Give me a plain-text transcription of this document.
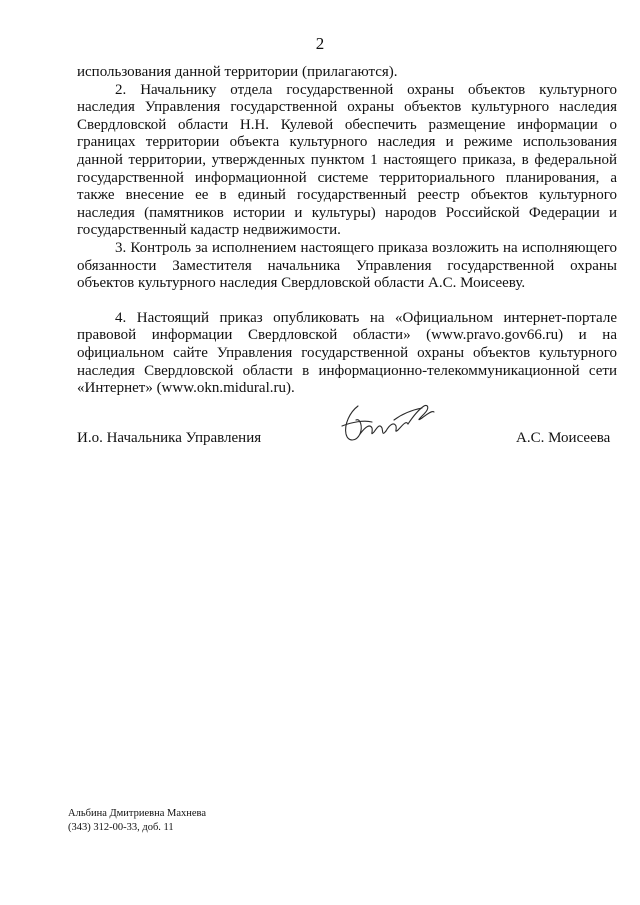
2

использования данной территории (прилагаются).

2. Начальнику отдела государственной охраны объектов культурного наследия Управления государственной охраны объектов культурного наследия Свердловской области Н.Н. Кулевой обеспечить размещение информации о границах территории объекта культурного наследия и режиме использования данной территории, утвержденных пунктом 1 настоящего приказа, в федеральной государственной информационной системе территориального планирования, а также внесение ее в единый государственный реестр объектов культурного наследия (памятников истории и культуры) народов Российской Федерации и государственный кадастр недвижимости.

3. Контроль за исполнением настоящего приказа возложить на исполняющего обязанности Заместителя начальника Управления государственной охраны объектов культурного наследия Свердловской области А.С. Моисееву.

4. Настоящий приказ опубликовать на «Официальном интернет-портале правовой информации Свердловской области» (www.pravo.gov66.ru) и на официальном сайте Управления государственной охраны объектов культурного наследия Свердловской области в информационно-телекоммуникационной сети «Интернет» (www.okn.midural.ru).

И.о. Начальника Управления	А.С. Моисеева
Альбина Дмитриевна Махнева
(343) 312-00-33, доб. 11
